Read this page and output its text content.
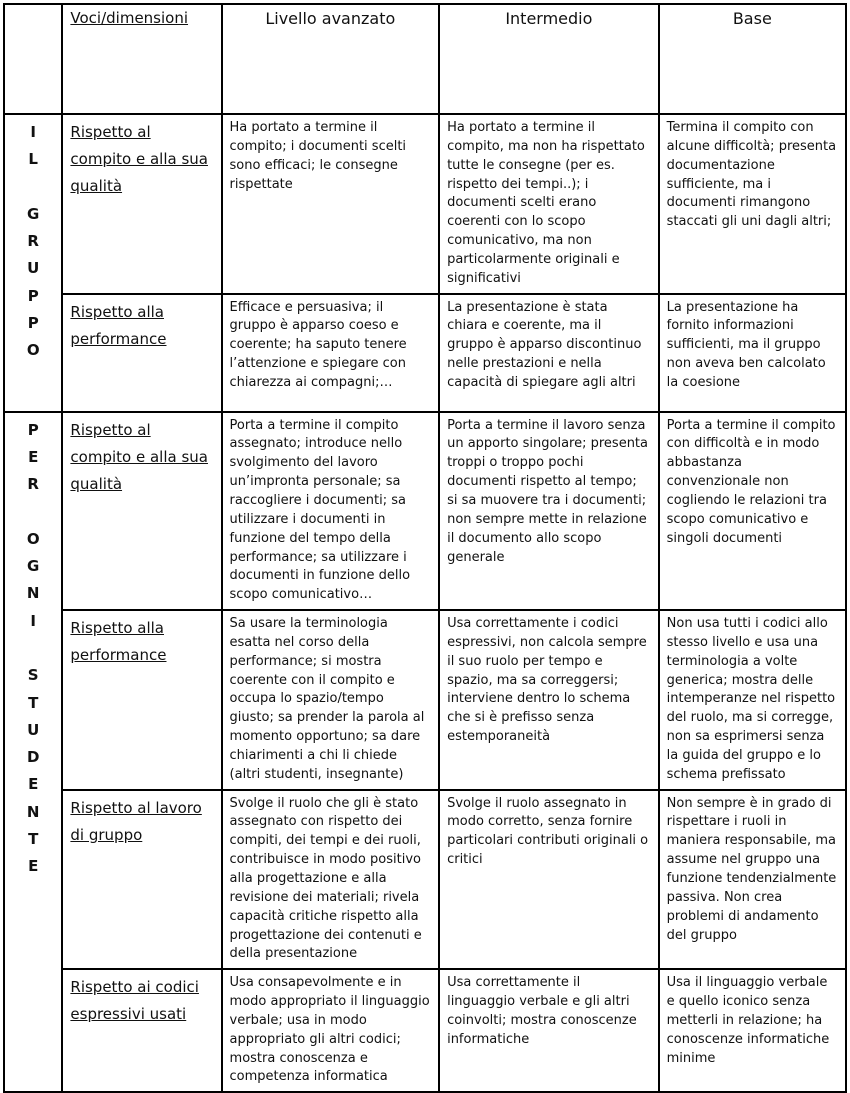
	Voci/dimensioni	Livello avanzato	Intermedio	Base

I
L

G
R
U
P
P
O
	Rispetto al compito e alla sua qualità	Ha portato a termine il compito; i documenti scelti sono efficaci; le consegne rispettate	Ha portato a termine il compito, ma non ha rispettato tutte le consegne (per es. rispetto dei tempi..); i documenti scelti erano coerenti con lo scopo comunicativo, ma non particolarmente originali e significativi	Termina il compito con alcune difficoltà; presenta documentazione sufficiente, ma i documenti rimangono staccati gli uni dagli altri;
	Rispetto alla performance	Efficace e persuasiva; il gruppo è apparso coeso e coerente; ha saputo tenere l’attenzione e spiegare con chiarezza ai compagni;…	La presentazione è stata chiara e coerente, ma il gruppo è apparso discontinuo nelle prestazioni e nella capacità di spiegare agli altri	La presentazione ha fornito informazioni sufficienti, ma il gruppo non aveva ben calcolato la coesione

P
E
R

O
G
N
I

S
T
U
D
E
N
T
E
	Rispetto al compito e alla sua qualità	Porta a termine il compito assegnato; introduce nello svolgimento del lavoro un’impronta personale; sa raccogliere i documenti; sa utilizzare i documenti in funzione del tempo della performance; sa utilizzare i documenti in funzione dello scopo comunicativo…	Porta a termine il lavoro senza un apporto singolare; presenta troppi o troppo pochi documenti rispetto al tempo; si sa muovere tra i documenti; non sempre mette in relazione il documento allo scopo generale	Porta a termine il compito con difficoltà e in modo abbastanza convenzionale non cogliendo le relazioni tra scopo comunicativo e singoli documenti
Rispetto alla performance	Sa usare la terminologia esatta nel corso della performance; si mostra coerente con il compito e occupa lo spazio/tempo giusto; sa prender la parola al momento opportuno; sa dare chiarimenti a chi li chiede (altri studenti, insegnante)	Usa correttamente i codici espressivi, non calcola sempre il suo ruolo per tempo e spazio, ma sa correggersi; interviene dentro lo schema che si è prefisso senza estemporaneità	Non usa tutti i codici allo stesso livello e usa una terminologia a volte generica; mostra delle intemperanze nel rispetto del ruolo, ma si corregge, non sa esprimersi senza la guida del gruppo e lo schema prefissato
	Rispetto al lavoro di gruppo	Svolge il ruolo che gli è stato assegnato con rispetto dei compiti, dei tempi e dei ruoli, contribuisce in modo positivo alla progettazione e alla revisione dei materiali; rivela capacità critiche rispetto alla progettazione dei contenuti e della presentazione	Svolge il ruolo assegnato in modo corretto, senza fornire particolari contributi originali o critici	Non sempre è in grado di rispettare i ruoli in maniera responsabile, ma assume nel gruppo una funzione tendenzialmente passiva. Non crea problemi di andamento del gruppo
	Rispetto ai codici espressivi usati	Usa consapevolmente e in modo appropriato il linguaggio verbale; usa in modo appropriato gli altri codici; mostra conoscenza e competenza informatica	Usa correttamente il linguaggio verbale e gli altri coinvolti; mostra conoscenze informatiche	Usa il linguaggio verbale e quello iconico senza metterli in relazione; ha conoscenze informatiche minime
